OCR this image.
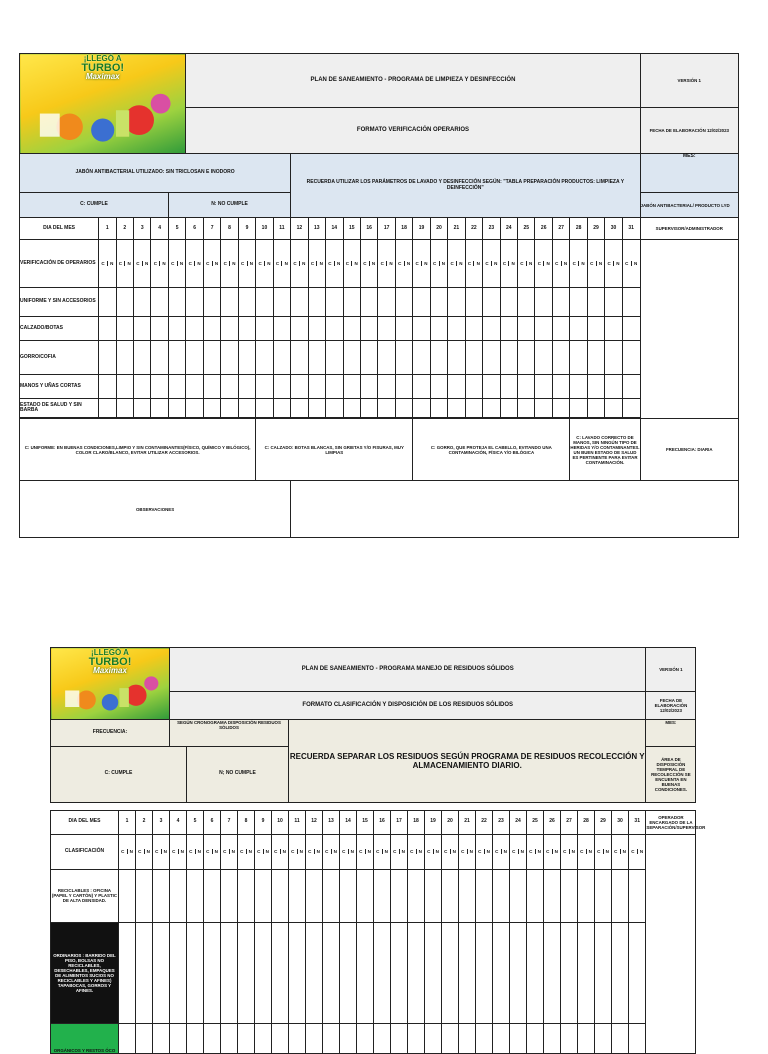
¡LLEGÓ A
TURBO!
Maximax						PLAN DE SANEAMIENTO - PROGRAMA DE LIMPIEZA Y DESINFECCIÓN																										VERSIÓN 1
						FORMATO VERIFICACIÓN OPERARIOS																										FECHA DE ELABORACIÓN 12/02/2023
JABÓN ANTIBACTERIAL UTILIZADO: SIN TRICLOSAN E INODORO												RECUERDA UTILIZAR LOS PARÁMETROS DE LAVADO Y DESINFECCIÓN SEGÚN: "TABLA PREPARACIÓN PRODUCTOS: LIMPIEZA Y DEINFECCIÓN"																				MES:
C: CUMPLE					N: NO CUMPLE																											JABÓN ANTIBACTERIAL/ PRODUCTO LYD
DIA DEL MES	1	2	3	4	5	6	7	8	9	10	11	12	13	14	15	16	17	18	19	20	21	22	23	24	25	26	27	28	29	30	31	SUPERVISOR/ADMINISTRADOR
VERIFICACIÓN DE OPERARIOS	C N	C N	C N	C N	C N	C N	C N	C N	C N	C N	C N	C N	C N	C N	C N	C N	C N	C N	C N	C N	C N	C N	C N	C N	C N	C N	C N	C N	C N	C N	C N	

UNIFORME Y SIN ACCESORIOS		

CALZADO/BOTAS		

GORRO/COFIA		

MANOS Y UÑAS CORTAS		

ESTADO DE SALUD Y SIN BARBA		

C: UNIFORME: EN BUENAS CONDICIONES,LIMPIO Y SIN CONTAMINANTES(FÍSICO, QUÍMICO Y BILÓGICO), COLOR CLARO/BLANCO, EVITAR UTILIZAR ACCESORIOS.										C: CALZADO: BOTAS BLANCAS, SIN GRIETAS Y/O FISURAS, MUY LIMPIAS									C: GORRO, QUE PROTEJA EL CABELLO, EVITANDO UNA CONTAMINACIÓN, FÍSICA Y/O BILÓGICA									C: LAVADO CORRECTO DE MANOS, SIN NINGÚN TIPO DE HERIDAS Y/O CONTAMINANTES. UN BUEN ESTADO DE SALUD ES PERTINENTE PARA EVITAR CONTAMINACIÓN.				FRECUENCIA: DIARIA
OBSERVACIONES																																
¡LLEGÓ A
TURBO!
Maximax				PLAN DE SANEAMIENTO - PROGRAMA MANEJO DE RESIDUOS SÓLIDOS																												VERSIÓN 1
				FORMATO CLASIFICACIÓN Y DISPOSICIÓN DE LOS RESIDUOS SÓLIDOS																												FECHA DE ELABORACIÓN 12/02/2023
FRECUENCIA:				SEGÚN CRONOGRAMA DISPOSICIÓN RESIDUOS SÓLIDOS							RECUERDA SEPARAR LOS RESIDUOS SEGÚN PROGRAMA DE RESIDUOS RECOLECCIÓN Y ALMACENAMIENTO DIARIO.																					MES:
C: CUMPLE					N; NO CUMPLE																											ÁREA DE DISPOSICIÓN TEMPRAL DE RECOLECCIÓN SE ENCUENTA EN BUENAS CONDICIONES.

DIA DEL MES	1	2	3	4	5	6	7	8	9	10	11	12	13	14	15	16	17	18	19	20	21	22	23	24	25	26	27	28	29	30	31	OPERADOR ENCARGADO DE LA SEPARACIÓN/SUPERVISOR
CLASIFICACIÓN	C N	C N	C N	C N	C N	C N	C N	C N	C N	C N	C N	C N	C N	C N	C N	C N	C N	C N	C N	C N	C N	C N	C N	C N	C N	C N	C N	C N	C N	C N	C N	

RECICLABLES : OFICINA (PAPEL Y CARTÓN) Y PLASTIC DE ALTA DENSIDAD.		

ORDINARIOS : BARRIDO DEL PISO, BOLSAS NO RECICLABLES, DESECHABLES, EMPAQUES DE ALIMENTOS SUCIOS NO RECICLABLES Y AFINES) TAPABOCAS, GORROS Y AFINES.		

ORGÁNICOS Y RESTOS ÓCO		
